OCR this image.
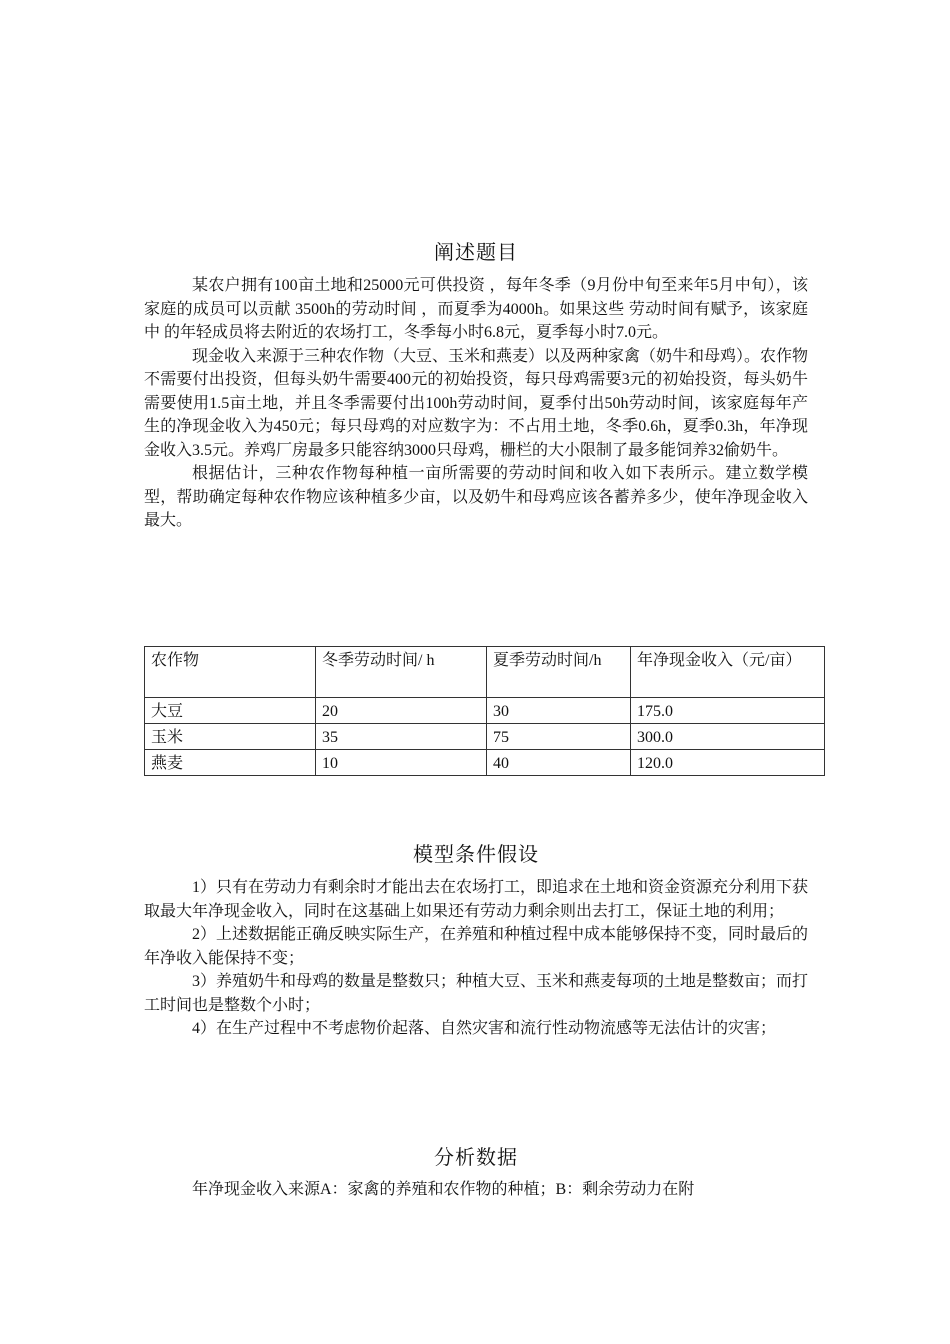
阐述题目

某农户拥有100亩土地和25000元可供投资 ，每年冬季（9月份中旬至来年5月中旬），该家庭的成员可以贡献 3500h的劳动时间 ，而夏季为4000h。如果这些 劳动时间有赋予，该家庭中 的年轻成员将去附近的农场打工，冬季每小时6.8元，夏季每小时7.0元。

现金收入来源于三种农作物（大豆、玉米和燕麦）以及两种家禽（奶牛和母鸡）。农作物不需要付出投资，但每头奶牛需要400元的初始投资，每只母鸡需要3元的初始投资，每头奶牛需要使用1.5亩土地，并且冬季需要付出100h劳动时间，夏季付出50h劳动时间，该家庭每年产生的净现金收入为450元；每只母鸡的对应数字为：不占用土地，冬季0.6h，夏季0.3h，年净现金收入3.5元。养鸡厂房最多只能容纳3000只母鸡，栅栏的大小限制了最多能饲养32偷奶牛。

根据估计，三种农作物每种植一亩所需要的劳动时间和收入如下表所示。建立数学模型，帮助确定每种农作物应该种植多少亩，以及奶牛和母鸡应该各蓄养多少，使年净现金收入最大。

农作物	冬季劳动时间/ h	夏季劳动时间/h	年净现金收入（元/亩）
大豆	20	30	175.0
玉米	35	75	300.0
燕麦	10	40	120.0
模型条件假设

1）只有在劳动力有剩余时才能出去在农场打工，即追求在土地和资金资源充分利用下获取最大年净现金收入，同时在这基础上如果还有劳动力剩余则出去打工，保证土地的利用；

2）上述数据能正确反映实际生产，在养殖和种植过程中成本能够保持不变，同时最后的年净收入能保持不变；

3）养殖奶牛和母鸡的数量是整数只；种植大豆、玉米和燕麦每项的土地是整数亩；而打工时间也是整数个小时；

4）在生产过程中不考虑物价起落、自然灾害和流行性动物流感等无法估计的灾害；

分析数据

年净现金收入来源A：家禽的养殖和农作物的种植；B：剩余劳动力在附
